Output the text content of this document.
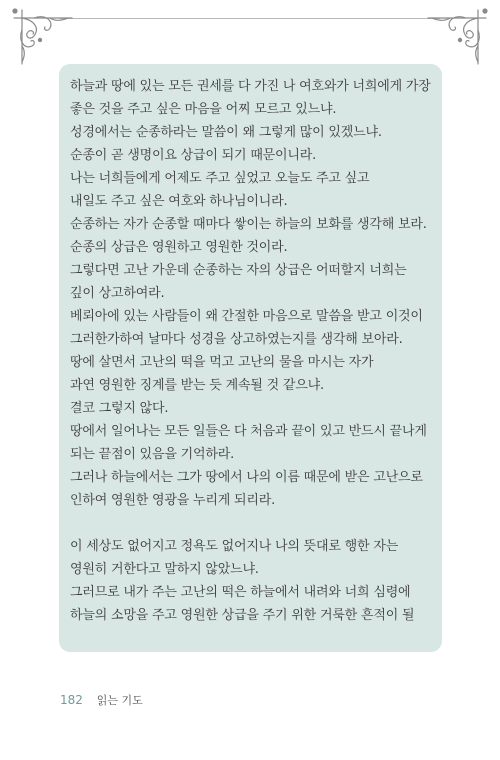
하늘과 땅에 있는 모든 권세를 다 가진 나 여호와가 너희에게 가장
좋은 것을 주고 싶은 마음을 어찌 모르고 있느냐.
성경에서는 순종하라는 말씀이 왜 그렇게 많이 있겠느냐.
순종이 곧 생명이요 상급이 되기 때문이니라.
나는 너희들에게 어제도 주고 싶었고 오늘도 주고 싶고
내일도 주고 싶은 여호와 하나님이니라.
순종하는 자가 순종할 때마다 쌓이는 하늘의 보화를 생각해 보라.
순종의 상급은 영원하고 영원한 것이라.
그렇다면 고난 가운데 순종하는 자의 상급은 어떠할지 너희는
깊이 상고하여라.
베뢰아에 있는 사람들이 왜 간절한 마음으로 말씀을 받고 이것이
그러한가하여 날마다 성경을 상고하였는지를 생각해 보아라.
땅에 살면서 고난의 떡을 먹고 고난의 물을 마시는 자가
과연 영원한 징계를 받는 듯 계속될 것 같으냐.
결코 그렇지 않다.
땅에서 일어나는 모든 일들은 다 처음과 끝이 있고 반드시 끝나게
되는 끝점이 있음을 기억하라.
그러나 하늘에서는 그가 땅에서 나의 이름 때문에 받은 고난으로
인하여 영원한 영광을 누리게 되리라.
이 세상도 없어지고 정욕도 없어지나 나의 뜻대로 행한 자는
영원히 거한다고 말하지 않았느냐.
그러므로 내가 주는 고난의 떡은 하늘에서 내려와 너희 심령에
하늘의 소망을 주고 영원한 상급을 주기 위한 거룩한 흔적이 될
182 읽는 기도
